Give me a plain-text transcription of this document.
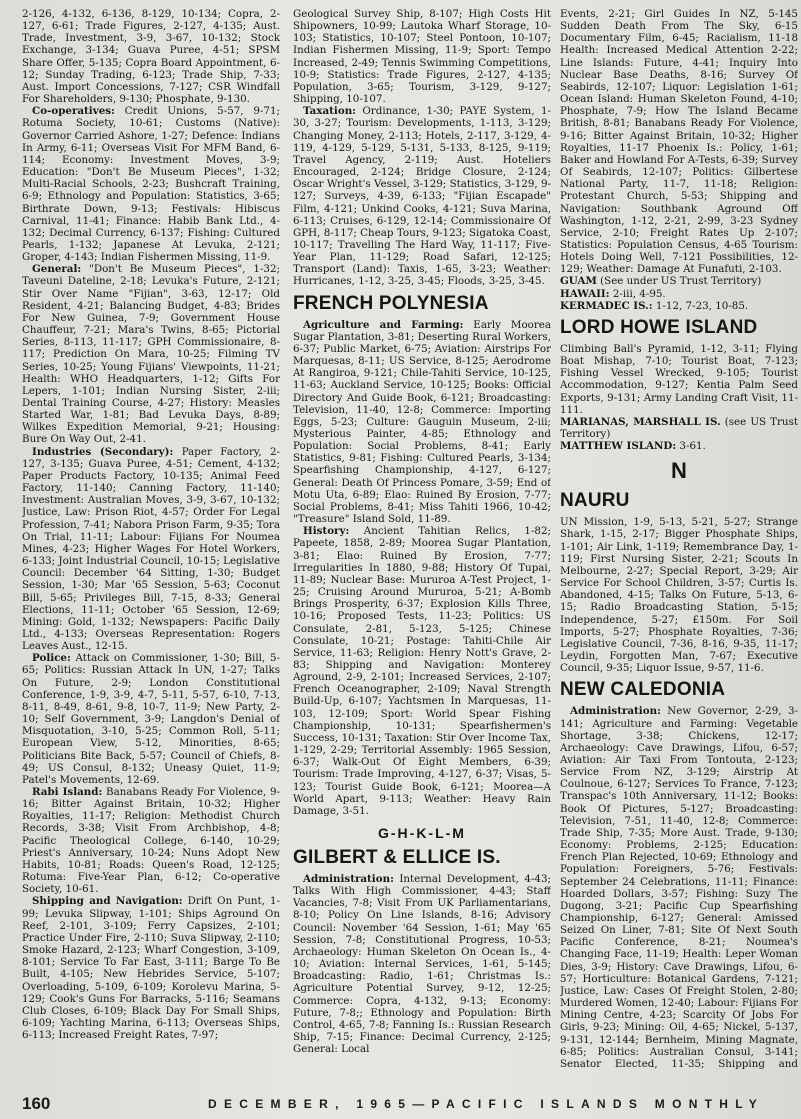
2-126, 4-132, 6-136, 8-129, 10-134; Copra, 2-127, 6-61; Trade Figures, 2-127, 4-135; Aust. Trade, Investment, 3-9, 3-67, 10-132; Stock Exchange, 3-134; Guava Puree, 4-51; SPSM Share Offer, 5-135; Copra Board Appointment, 6-12; Sunday Trading, 6-123; Trade Ship, 7-33; Aust. Import Concessions, 7-127; CSR Windfall For Shareholders, 9-130; Phosphate, 9-130.

Co-operatives: Credit Unions, 5-57, 9-71; Rotuma Society, 10-61; Customs (Native): Governor Carried Ashore, 1-27; Defence: Indians In Army, 6-11; Overseas Visit For MFM Band, 6-114; Economy: Investment Moves, 3-9; Education: "Don't Be Museum Pieces", 1-32; Multi-Racial Schools, 2-23; Bushcraft Training, 6-9; Ethnology and Population: Statistics, 3-65; Birthrate Down, 9-13; Festivals: Hibiscus Carnival, 11-41; Finance: Habib Bank Ltd., 4-132; Decimal Currency, 6-137; Fishing: Cultured Pearls, 1-132; Japanese At Levuka, 2-121; Groper, 4-143; Indian Fishermen Missing, 11-9.

General: "Don't Be Museum Pieces", 1-32; Taveuni Dateline, 2-18; Levuka's Future, 2-121; Stir Over Name "Fijian", 3-63, 12-17; Old Resident, 4-21; Balancing Budget, 4-83; Brides For New Guinea, 7-9; Government House Chauffeur, 7-21; Mara's Twins, 8-65; Pictorial Series, 8-113, 11-117; GPH Commissionaire, 8-117; Prediction On Mara, 10-25; Filming TV Series, 10-25; Young Fijians' Viewpoints, 11-21; Health: WHO Headquarters, 1-12; Gifts For Lepers, 1-101; Indian Nursing Sister, 2-iii; Dental Training Course, 4-27; History: Measles Started War, 1-81; Bad Levuka Days, 8-89; Wilkes Expedition Memorial, 9-21; Housing: Bure On Way Out, 2-41.

Industries (Secondary): Paper Factory, 2-127, 3-135; Guava Puree, 4-51; Cement, 4-132; Paper Products Factory, 10-135; Animal Feed Factory, 11-140; Canning Factory, 11-140; Investment: Australian Moves, 3-9, 3-67, 10-132; Justice, Law: Prison Riot, 4-57; Order For Legal Profession, 7-41; Nabora Prison Farm, 9-35; Tora On Trial, 11-11; Labour: Fijians For Noumea Mines, 4-23; Higher Wages For Hotel Workers, 6-133; Joint Industrial Council, 10-15; Legislative Council: December '64 Sitting, 1-30; Budget Session, 1-30; Mar '65 Session, 5-63; Coconut Bill, 5-65; Privileges Bill, 7-15, 8-33; General Elections, 11-11; October '65 Session, 12-69; Mining: Gold, 1-132; Newspapers: Pacific Daily Ltd., 4-133; Overseas Representation: Rogers Leaves Aust., 12-15.

Police: Attack on Commissioner, 1-30; Bill, 5-65; Politics: Russian Attack In UN, 1-27; Talks On Future, 2-9; London Constitutional Conference, 1-9, 3-9, 4-7, 5-11, 5-57, 6-10, 7-13, 8-11, 8-49, 8-61, 9-8, 10-7, 11-9; New Party, 2-10; Self Government, 3-9; Langdon's Denial of Misquotation, 3-10, 5-25; Common Roll, 5-11; European View, 5-12, Minorities, 8-65; Politicians Bite Back, 5-57; Council of Chiefs, 8-49; US Consul, 8-132; Uneasy Quiet, 11-9; Patel's Movements, 12-69.

Rabi Island: Banabans Ready For Violence, 9-16; Bitter Against Britain, 10-32; Higher Royalties, 11-17; Religion: Methodist Church Records, 3-38; Visit From Archbishop, 4-8; Pacific Theological College, 6-140, 10-29; Priest's Anniversary, 10-24; Nuns Adopt New Habits, 10-81; Roads: Queen's Road, 12-125; Rotuma: Five-Year Plan, 6-12; Co-operative Society, 10-61.

Shipping and Navigation: Drift On Punt, 1-99; Levuka Slipway, 1-101; Ships Aground On Reef, 2-101, 3-109; Ferry Capsizes, 2-101; Practice Under Fire, 2-110; Suva Slipway, 2-110; Smoke Hazard, 2-123; Wharf Congestion, 3-109, 8-101; Service To Far East, 3-111; Barge To Be Built, 4-105; New Hebrides Service, 5-107; Overloading, 5-109, 6-109; Korolevu Marina, 5-129; Cook's Guns For Barracks, 5-116; Seamans Club Closes, 6-109; Black Day For Small Ships, 6-109; Yachting Marina, 6-113; Overseas Ships, 6-113; Increased Freight Rates, 7-97;

Geological Survey Ship, 8-107; High Costs Hit Shipowners, 10-99; Lautoka Wharf Storage, 10-103; Statistics, 10-107; Steel Pontoon, 10-107; Indian Fishermen Missing, 11-9; Sport: Tempo Increased, 2-49; Tennis Swimming Competitions, 10-9; Statistics: Trade Figures, 2-127, 4-135; Population, 3-65; Tourism, 3-129, 9-127; Shipping, 10-107.

Taxation: Ordinance, 1-30; PAYE System, 1-30, 3-27; Tourism: Developments, 1-113, 3-129; Changing Money, 2-113; Hotels, 2-117, 3-129, 4-119, 4-129, 5-129, 5-131, 5-133, 8-125, 9-119; Travel Agency, 2-119; Aust. Hoteliers Encouraged, 2-124; Bridge Closure, 2-124; Oscar Wright's Vessel, 3-129; Statistics, 3-129, 9-127; Surveys, 4-39, 6-133; "Fijian Escapade" Film, 4-121; Unkind Cooks, 4-121; Suva Marina, 6-113; Cruises, 6-129, 12-14; Commissionaire Of GPH, 8-117; Cheap Tours, 9-123; Sigatoka Coast, 10-117; Travelling The Hard Way, 11-117; Five-Year Plan, 11-129; Road Safari, 12-125; Transport (Land): Taxis, 1-65, 3-23; Weather: Hurricanes, 1-12, 3-25, 3-45; Floods, 3-25, 3-45.

FRENCH POLYNESIA

Agriculture and Farming: Early Moorea Sugar Plantation, 3-81; Deserting Rural Workers, 6-37; Public Market, 6-75; Aviation: Airstrips For Marquesas, 8-11; US Service, 8-125; Aerodrome At Rangiroa, 9-121; Chile-Tahiti Service, 10-125, 11-63; Auckland Service, 10-125; Books: Official Directory And Guide Book, 6-121; Broadcasting: Television, 11-40, 12-8; Commerce: Importing Eggs, 5-23; Culture: Gauguin Museum, 2-iii; Mysterious Painter, 4-85; Ethnology and Population: Social Problems, 8-41; Early Statistics, 9-81; Fishing: Cultured Pearls, 3-134; Spearfishing Championship, 4-127, 6-127; General: Death Of Princess Pomare, 3-59; End of Motu Uta, 6-89; Elao: Ruined By Erosion, 7-77; Social Problems, 8-41; Miss Tahiti 1966, 10-42; "Treasure" Island Sold, 11-89.

History: Ancient Tahitian Relics, 1-82; Papeete, 1858, 2-89; Moorea Sugar Plantation, 3-81; Elao: Ruined By Erosion, 7-77; Irregularities In 1880, 9-88; History Of Tupai, 11-89; Nuclear Base: Mururoa A-Test Project, 1-25; Cruising Around Mururoa, 5-21; A-Bomb Brings Prosperity, 6-37; Explosion Kills Three, 10-16; Proposed Tests, 11-23; Politics: US Consulate, 2-81, 5-123, 5-125; Chinese Consulate, 10-21; Postage: Tahiti-Chile Air Service, 11-63; Religion: Henry Nott's Grave, 2-83; Shipping and Navigation: Monterey Aground, 2-9, 2-101; Increased Services, 2-107; French Oceanographer, 2-109; Naval Strength Build-Up, 6-107; Yachtsmen In Marquesas, 11-103, 12-109; Sport: World Spear Fishing Championship, 10-131; Spearfishermen's Success, 10-131; Taxation: Stir Over Income Tax, 1-129, 2-29; Territorial Assembly: 1965 Session, 6-37; Walk-Out Of Eight Members, 6-39; Tourism: Trade Improving, 4-127, 6-37; Visas, 5-123; Tourist Guide Book, 6-121; Moorea—A World Apart, 9-113; Weather: Heavy Rain Damage, 3-51.

G-H-K-L-M
GILBERT & ELLICE IS.

Administration: Internal Development, 4-43; Talks With High Commissioner, 4-43; Staff Vacancies, 7-8; Visit From UK Parliamentarians, 8-10; Policy On Line Islands, 8-16; Advisory Council: November '64 Session, 1-61; May '65 Session, 7-8; Constitutional Progress, 10-53; Archaeology: Human Skeleton On Ocean Is., 4-10; Aviation: Internal Services, 1-61, 5-145; Broadcasting: Radio, 1-61; Christmas Is.: Agriculture Potential Survey, 9-12, 12-25; Commerce: Copra, 4-132, 9-13; Economy: Future, 7-8;; Ethnology and Population: Birth Control, 4-65, 7-8; Fanning Is.: Russian Research Ship, 7-15; Finance: Decimal Currency, 2-125; General: Local

Events, 2-21; Girl Guides In NZ, 5-145 Sudden Death From The Sky, 6-15 Documentary Film, 6-45; Racialism, 11-18 Health: Increased Medical Attention 2-22; Line Islands: Future, 4-41; Inquiry Into Nuclear Base Deaths, 8-16; Survey Of Seabirds, 12-107; Liquor: Legislation 1-61; Ocean Island: Human Skeleton Found, 4-10; Phosphate, 7-9; How The Island Became British, 8-81; Banabans Ready For Violence, 9-16; Bitter Against Britain, 10-32; Higher Royalties, 11-17 Phoenix Is.: Policy, 1-61; Baker and Howland For A-Tests, 6-39; Survey Of Seabirds, 12-107; Politics: Gilbertese National Party, 11-7, 11-18; Religion: Protestant Church, 5-53; Shipping and Navigation: Southbank Aground Off Washington, 1-12, 2-21, 2-99, 3-23 Sydney Service, 2-10; Freight Rates Up 2-107; Statistics: Population Census, 4-65 Tourism: Hotels Doing Well, 7-121 Possibilities, 12-129; Weather: Damage At Funafuti, 2-103.

GUAM (See under US Trust Territory)

HAWAII: 2-iii, 4-95.

KERMADEC IS.: 1-12, 7-23, 10-85.

LORD HOWE ISLAND

Climbing Ball's Pyramid, 1-12, 3-11; Flying Boat Mishap, 7-10; Tourist Boat, 7-123; Fishing Vessel Wrecked, 9-105; Tourist Accommodation, 9-127; Kentia Palm Seed Exports, 9-131; Army Landing Craft Visit, 11-111.

MARIANAS, MARSHALL IS. (see US Trust Territory)

MATTHEW ISLAND: 3-61.

N
NAURU

UN Mission, 1-9, 5-13, 5-21, 5-27; Strange Shark, 1-15, 2-17; Bigger Phosphate Ships, 1-101; Air Link, 1-119; Remembrance Day, 1-119; First Nursing Sister, 2-21; Scouts In Melbourne, 2-27; Special Report, 3-29; Air Service For School Children, 3-57; Curtis Is. Abandoned, 4-15; Talks On Future, 5-13, 6-15; Radio Broadcasting Station, 5-15; Independence, 5-27; £150m. For Soil Imports, 5-27; Phosphate Royalties, 7-36; Legislative Council, 7-36, 8-16, 9-35, 11-17; Leydin, Forgotten Man, 7-67; Executive Council, 9-35; Liquor Issue, 9-57, 11-6.

NEW CALEDONIA

Administration: New Governor, 2-29, 3-141; Agriculture and Farming: Vegetable Shortage, 3-38; Chickens, 12-17; Archaeology: Cave Drawings, Lifou, 6-57; Aviation: Air Taxi From Tontouta, 2-123; Service From NZ, 3-129; Airstrip At Coulnoue, 6-127; Services To France, 7-123; Transpac's 10th Anniversary, 11-12; Books: Book Of Pictures, 5-127; Broadcasting: Television, 7-51, 11-40, 12-8; Commerce: Trade Ship, 7-35; More Aust. Trade, 9-130; Economy: Problems, 2-125; Education: French Plan Rejected, 10-69; Ethnology and Population: Foreigners, 5-76; Festivals: September 24 Celebrations, 11-11; Finance: Hoarded Dollars, 3-57; Fishing: Suzy The Dugong, 3-21; Pacific Cup Spearfishing Championship, 6-127; General: Amissed Seized On Liner, 7-81; Site Of Next South Pacific Conference, 8-21; Noumea's Changing Face, 11-19; Health: Leper Woman Dies, 3-9; History: Cave Drawings, Lifou, 6-57; Horticulture: Botanical Gardens, 7-121; Justice, Law: Cases Of Freight Stolen, 2-80; Murdered Women, 12-40; Labour: Fijians For Mining Centre, 4-23; Scarcity Of Jobs For Girls, 9-23; Mining: Oil, 4-65; Nickel, 5-137, 9-131, 12-144; Bernheim, Mining Magnate, 6-85; Politics: Australian Consul, 3-141; Senator Elected, 11-35; Shipping and

160	DECEMBER, 1965—PACIFIC ISLANDS MONTHLY
